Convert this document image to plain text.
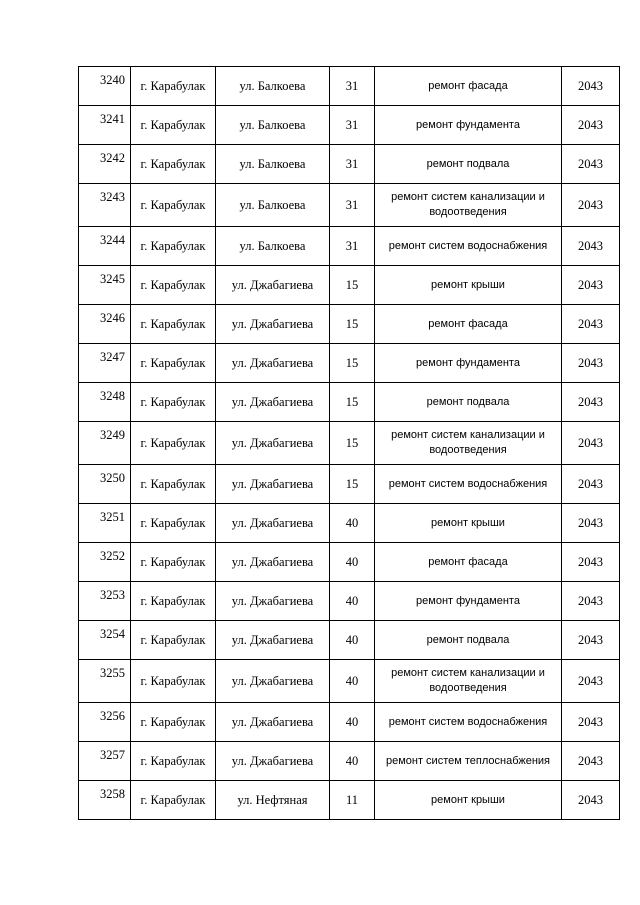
3240	г. Карабулак	ул. Балкоева	31	ремонт фасада	2043
3241	г. Карабулак	ул. Балкоева	31	ремонт фундамента	2043
3242	г. Карабулак	ул. Балкоева	31	ремонт подвала	2043
3243	г. Карабулак	ул. Балкоева	31	ремонт систем канализации и водоотведения	2043
3244	г. Карабулак	ул. Балкоева	31	ремонт систем водоснабжения	2043
3245	г. Карабулак	ул. Джабагиева	15	ремонт крыши	2043
3246	г. Карабулак	ул. Джабагиева	15	ремонт фасада	2043
3247	г. Карабулак	ул. Джабагиева	15	ремонт фундамента	2043
3248	г. Карабулак	ул. Джабагиева	15	ремонт подвала	2043
3249	г. Карабулак	ул. Джабагиева	15	ремонт систем канализации и водоотведения	2043
3250	г. Карабулак	ул. Джабагиева	15	ремонт систем водоснабжения	2043
3251	г. Карабулак	ул. Джабагиева	40	ремонт крыши	2043
3252	г. Карабулак	ул. Джабагиева	40	ремонт фасада	2043
3253	г. Карабулак	ул. Джабагиева	40	ремонт фундамента	2043
3254	г. Карабулак	ул. Джабагиева	40	ремонт подвала	2043
3255	г. Карабулак	ул. Джабагиева	40	ремонт систем канализации и водоотведения	2043
3256	г. Карабулак	ул. Джабагиева	40	ремонт систем водоснабжения	2043
3257	г. Карабулак	ул. Джабагиева	40	ремонт систем теплоснабжения	2043
3258	г. Карабулак	ул. Нефтяная	11	ремонт крыши	2043
